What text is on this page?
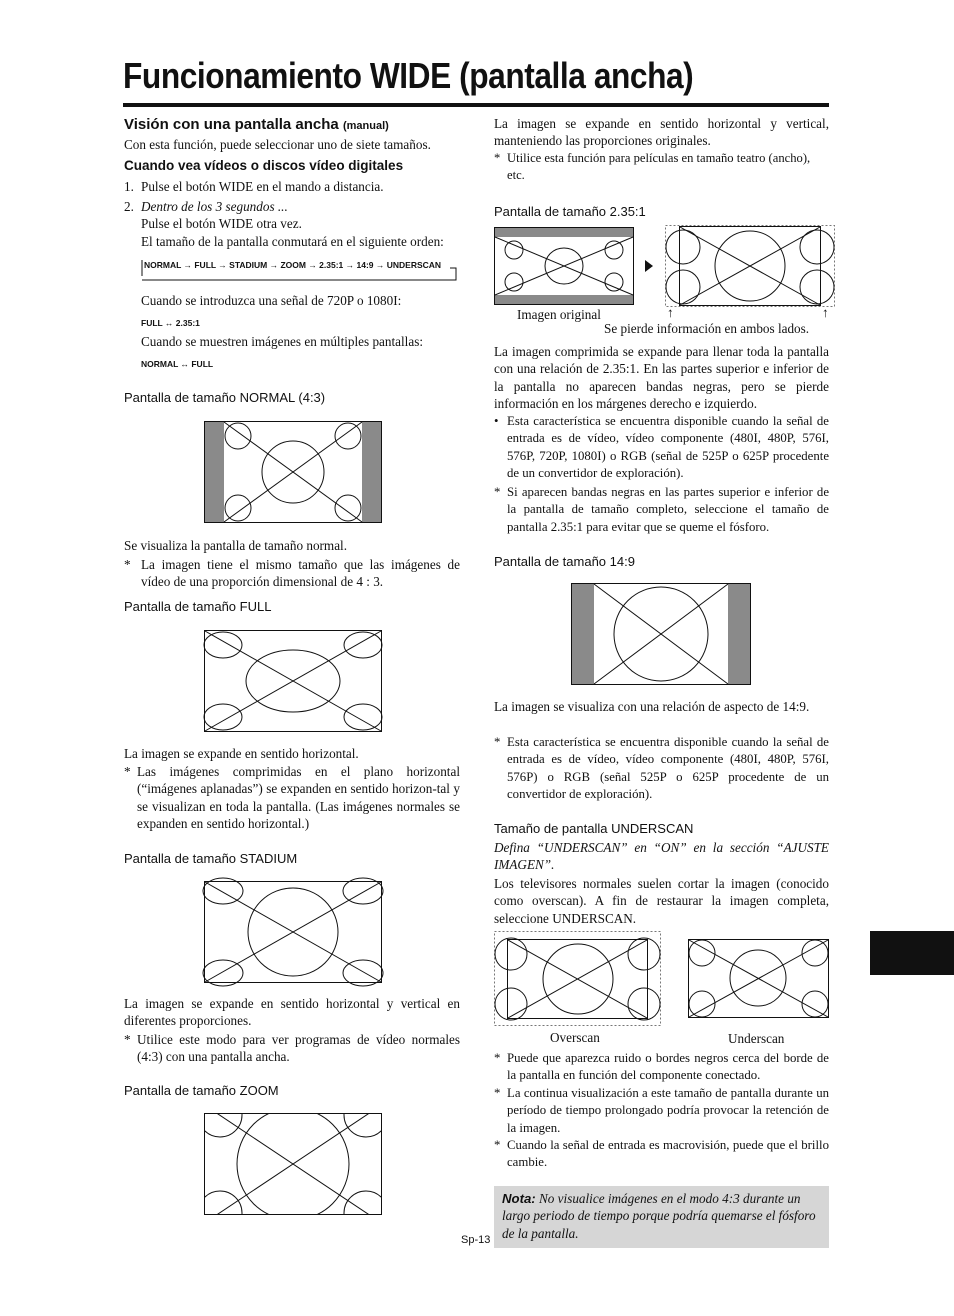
Funcionamiento WIDE (pantalla ancha)
Visión con una pantalla ancha (manual)
Con esta función, puede seleccionar uno de siete tamaños.
Cuando vea vídeos o discos vídeo digitales
1. Pulse el botón WIDE en el mando a distancia.
2. Dentro de los 3 segundos ...
Pulse el botón WIDE otra vez.
El tamaño de la pantalla conmutará en el siguiente orden:
NORMAL → FULL → STADIUM → ZOOM → 2.35:1 → 14:9 → UNDERSCAN
Cuando se introduzca una señal de 720P o 1080I:
FULL ↔ 2.35:1
Cuando se muestren imágenes en múltiples pantallas:
NORMAL ↔ FULL
Pantalla de tamaño NORMAL (4:3)
Se visualiza la pantalla de tamaño normal.
* La imagen tiene el mismo tamaño que las imágenes de vídeo de una proporción dimensional de 4 : 3.
Pantalla de tamaño FULL
La imagen se expande en sentido horizontal.
* Las imágenes comprimidas en el plano horizontal (“imágenes aplanadas”) se expanden en sentido horizon-tal y se visualizan en toda la pantalla. (Las imágenes normales se expanden en sentido horizontal.)
Pantalla de tamaño STADIUM
La imagen se expande en sentido horizontal y vertical en diferentes proporciones.
* Utilice este modo para ver programas de vídeo normales (4:3) con una pantalla ancha.
Pantalla de tamaño ZOOM
La imagen se expande en sentido horizontal y vertical, manteniendo las proporciones originales.
* Utilice esta función para películas en tamaño teatro (ancho), etc.
Pantalla de tamaño 2.35:1
Imagen original	↑	↑
Se pierde información en ambos lados.
La imagen comprimida se expande para llenar toda la pantalla con una relación de 2.35:1. En las partes superior e inferior de la pantalla no aparecen bandas negras, pero se pierde información en los márgenes derecho e izquierdo.
• Esta característica se encuentra disponible cuando la señal de entrada es de vídeo, vídeo componente (480I, 480P, 576I, 576P, 720P, 1080I) o RGB (señal de 525P o 625P procedente de un convertidor de exploración).
* Si aparecen bandas negras en las partes superior e inferior de la pantalla de tamaño completo, seleccione el tamaño de pantalla 2.35:1 para evitar que se queme el fósforo.
Pantalla de tamaño 14:9
La imagen se visualiza con una relación de aspecto de 14:9.
* Esta característica se encuentra disponible cuando la señal de entrada es de vídeo, vídeo componente (480I, 480P, 576I, 576P) o RGB (señal 525P o 625P procedente de un convertidor de exploración).
Tamaño de pantalla UNDERSCAN
Defina “UNDERSCAN” en “ON” en la sección “AJUSTE IMAGEN”.
Los televisores normales suelen cortar la imagen (conocido como overscan). A fin de restaurar la imagen completa, seleccione UNDERSCAN.
Overscan	Underscan
* Puede que aparezca ruido o bordes negros cerca del borde de la pantalla en función del componente conectado.
* La continua visualización a este tamaño de pantalla durante un período de tiempo prolongado podría provocar la retención de la imagen.
* Cuando la señal de entrada es macrovisión, puede que el brillo cambie.
Nota: No visualice imágenes en el modo 4:3 durante un largo periodo de tiempo porque podría quemarse el fósforo de la pantalla.
Sp-13
